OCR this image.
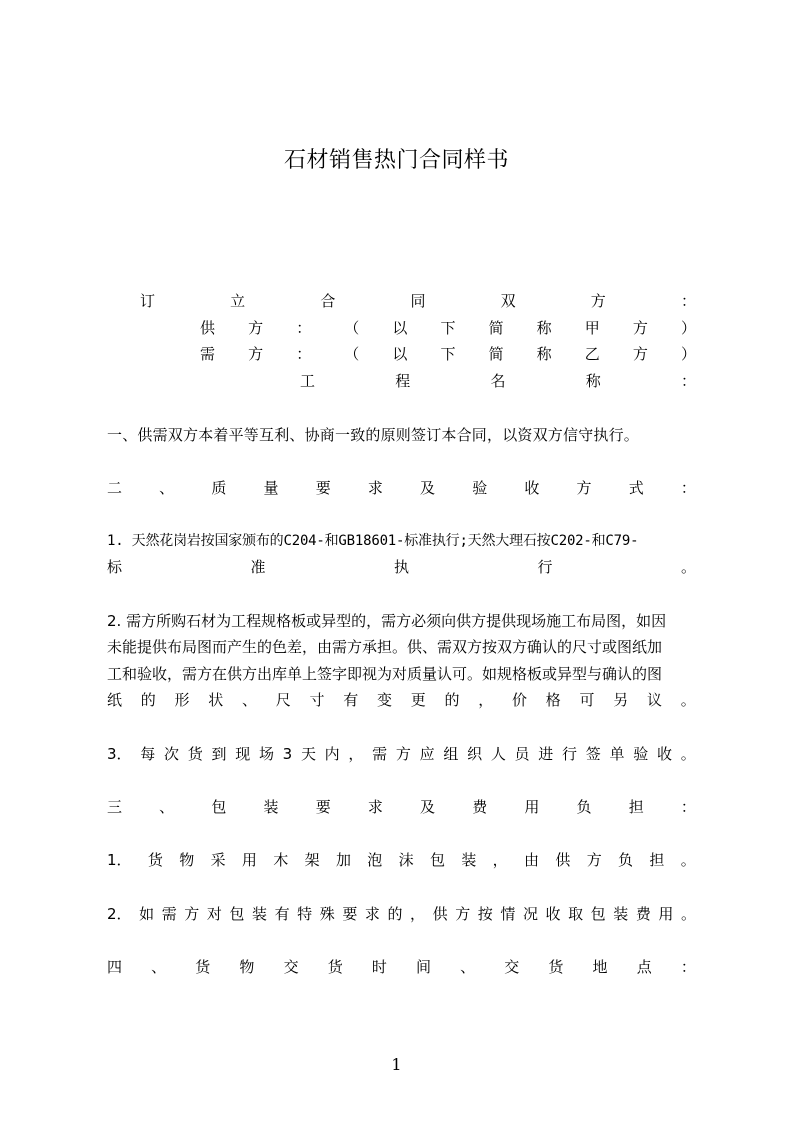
石材销售热门合同样书
订	立	合	同	双	方	：
供 方 ： （ 以 下 简 称 甲 方 ）
需 方 ： （ 以 下 简 称 乙 方 ）
工	程	名	称	：
一、供需双方本着平等互利、协商一致的原则签订本合同，以资双方信守执行。
二 、 质 量 要 求 及 验 收 方 式 ：
1. 天然花岗岩按国家颁布的C204-和GB18601-标准执行;天然大理石按C202-和C79-
标	准	执	行	。
2. 需方所购石材为工程规格板或异型的，需方必须向供方提供现场施工布局图，如因
未能提供布局图而产生的色差，由需方承担。供、需双方按双方确认的尺寸或图纸加
工和验收，需方在供方出库单上签字即视为对质量认可。如规格板或异型与确认的图
纸 的 形 状 、 尺 寸 有 变 更 的 ， 价 格 可 另 议 。
3． 每 次 货 到 现 场 3 天 内 ， 需 方 应 组 织 人 员 进 行 签 单 验 收 。
三 、 包 装 要 求 及 费 用 负 担 ：
1． 货 物 采 用 木 架 加 泡 沫 包 装 ， 由 供 方 负 担 。
2． 如 需 方 对 包 装 有 特 殊 要 求 的 ， 供 方 按 情 况 收 取 包 装 费 用 。
四 、 货 物 交 货 时 间 、 交 货 地 点 ：
1
